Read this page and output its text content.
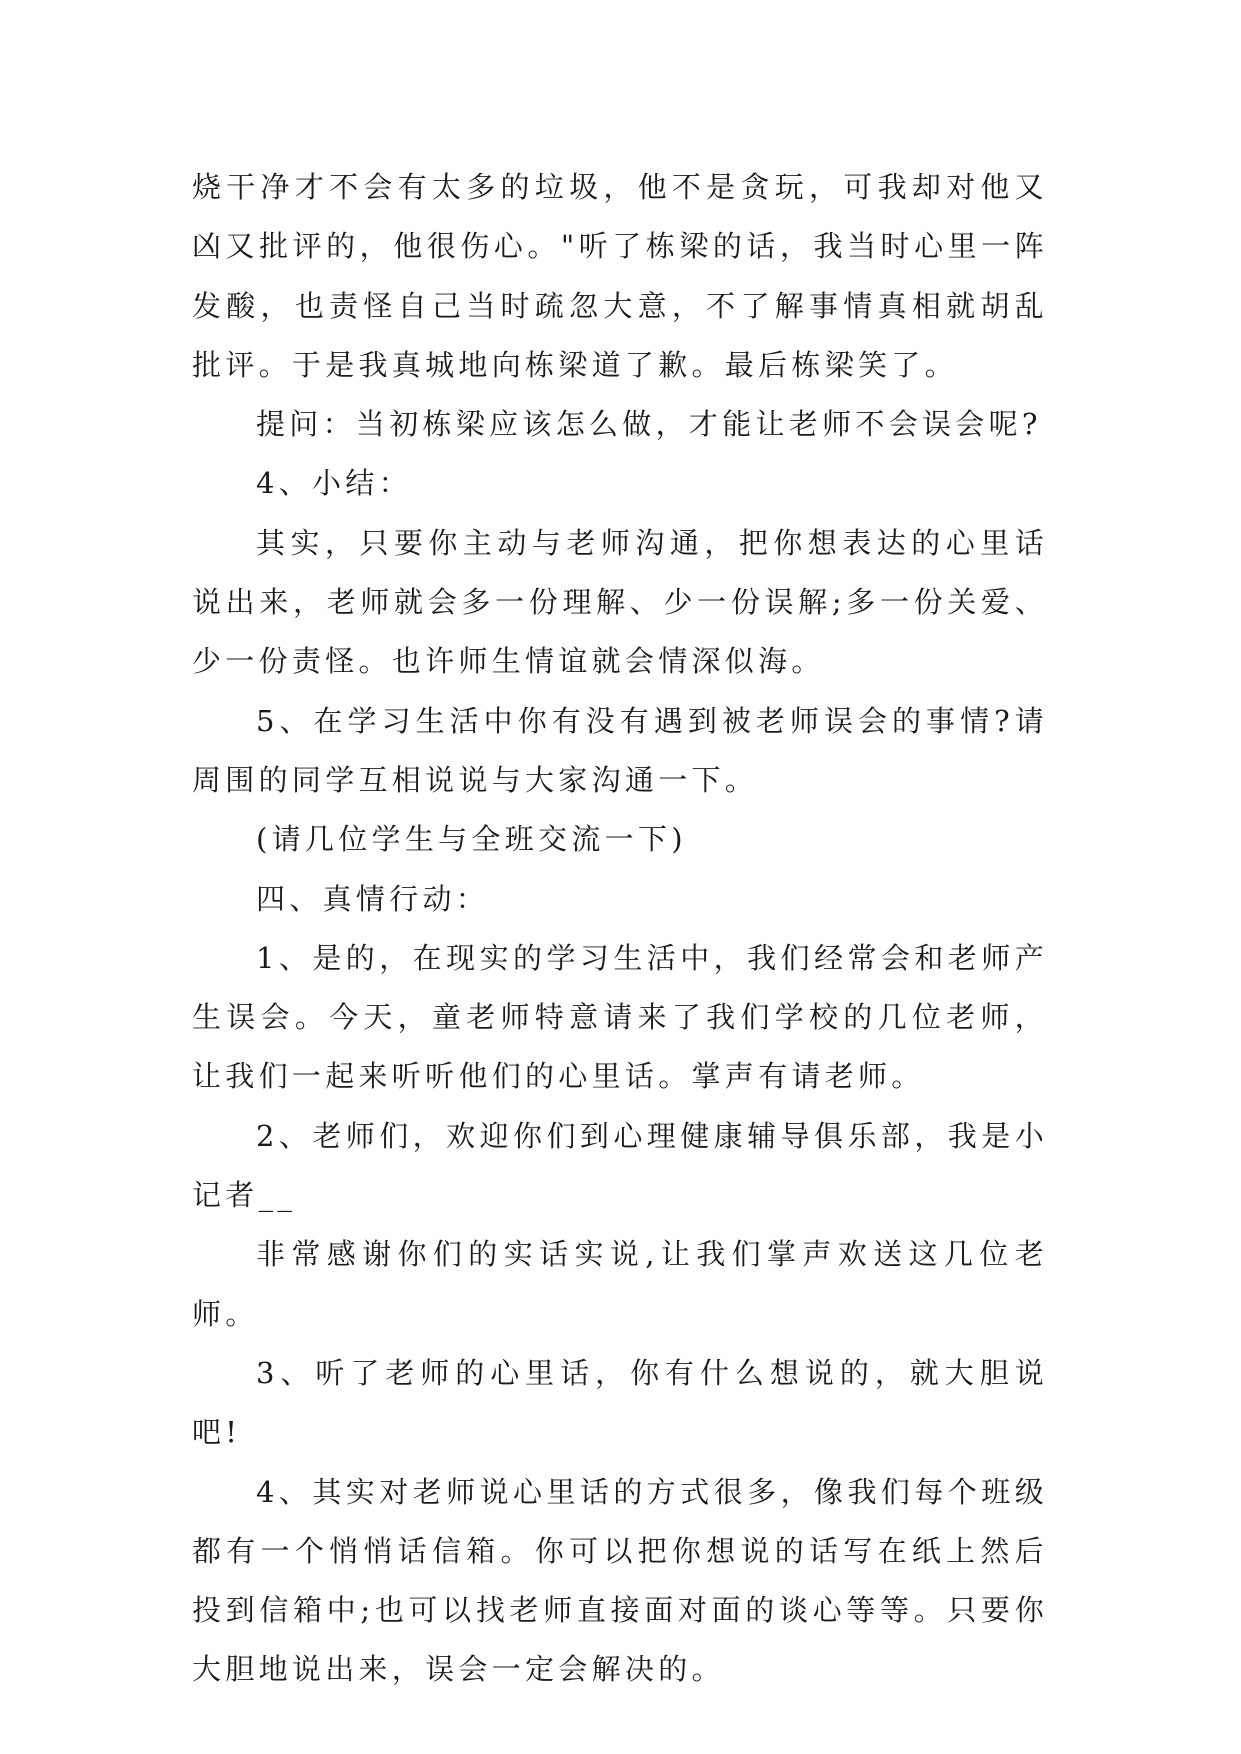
烧干净才不会有太多的垃圾，他不是贪玩，可我却对他又凶又批评的，他很伤心。"听了栋梁的话，我当时心里一阵发酸，也责怪自己当时疏忽大意，不了解事情真相就胡乱批评。于是我真城地向栋梁道了歉。最后栋梁笑了。

提问：当初栋梁应该怎么做，才能让老师不会误会呢?

4、小结：

其实，只要你主动与老师沟通，把你想表达的心里话说出来，老师就会多一份理解、少一份误解;多一份关爱、少一份责怪。也许师生情谊就会情深似海。

5、在学习生活中你有没有遇到被老师误会的事情?请周围的同学互相说说与大家沟通一下。

(请几位学生与全班交流一下)

四、真情行动：

1、是的，在现实的学习生活中，我们经常会和老师产生误会。今天，童老师特意请来了我们学校的几位老师，让我们一起来听听他们的心里话。掌声有请老师。

2、老师们，欢迎你们到心理健康辅导俱乐部，我是小记者__

非常感谢你们的实话实说,让我们掌声欢送这几位老师。

3、听了老师的心里话，你有什么想说的，就大胆说吧!

4、其实对老师说心里话的方式很多，像我们每个班级都有一个悄悄话信箱。你可以把你想说的话写在纸上然后投到信箱中;也可以找老师直接面对面的谈心等等。只要你大胆地说出来，误会一定会解决的。
